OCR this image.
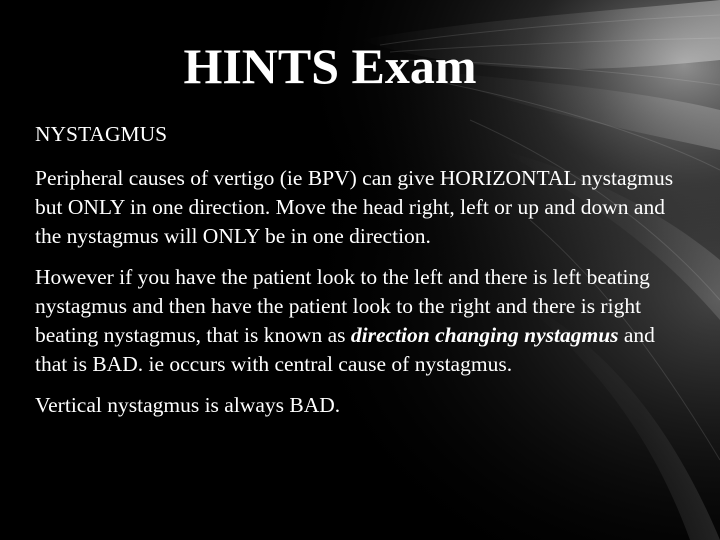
HINTS Exam

NYSTAGMUS

Peripheral causes of vertigo (ie BPV) can give HORIZONTAL nystagmus but ONLY in one direction. Move the head right, left or up and down and the nystagmus will ONLY be in one direction.

However if you have the patient look to the left and there is left beating nystagmus and then have the patient look to the right and there is right beating nystagmus, that is known as direction changing nystagmus and that is BAD. ie occurs with central cause of nystagmus.

Vertical nystagmus is always BAD.
